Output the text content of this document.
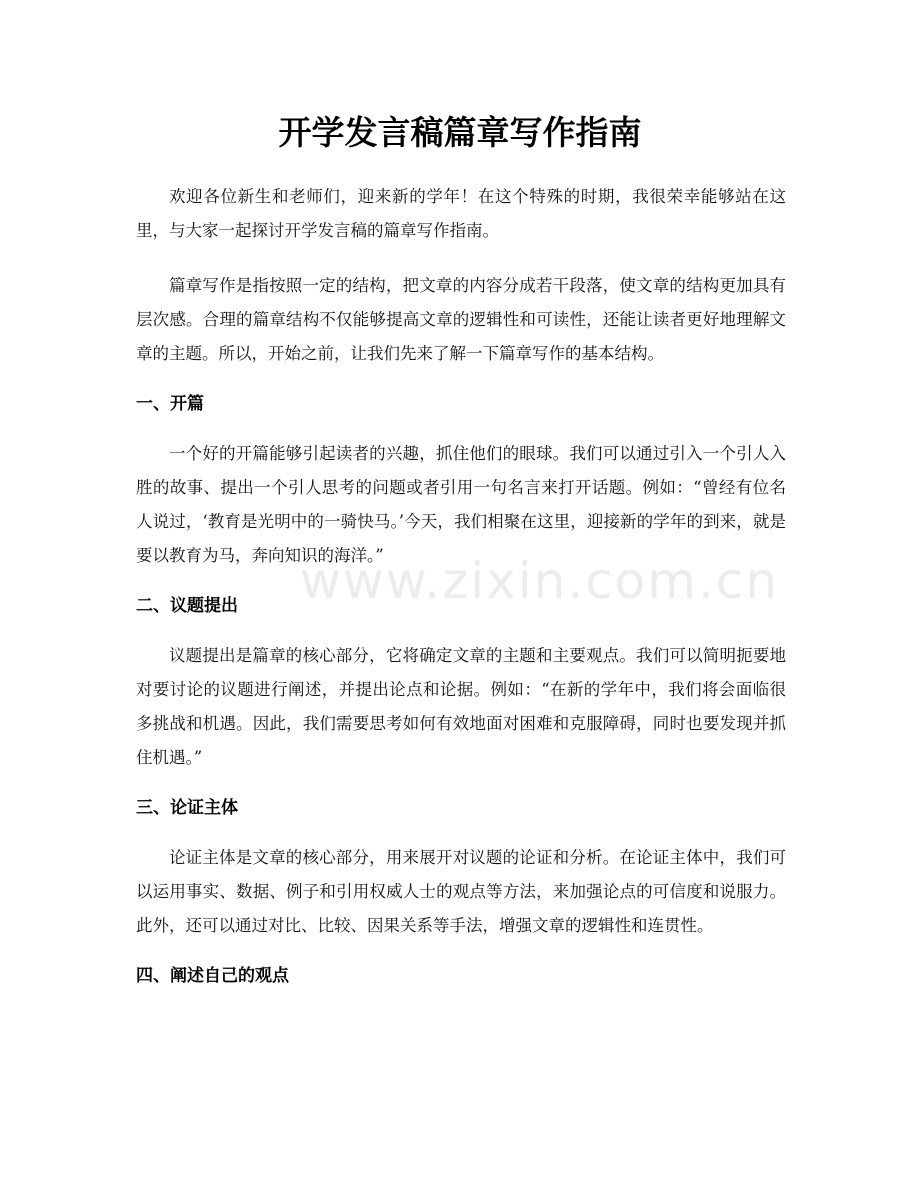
www.zixin.com.cn
开学发言稿篇章写作指南

欢迎各位新生和老师们，迎来新的学年！在这个特殊的时期，我很荣幸能够站在这里，与大家一起探讨开学发言稿的篇章写作指南。

篇章写作是指按照一定的结构，把文章的内容分成若干段落，使文章的结构更加具有层次感。合理的篇章结构不仅能够提高文章的逻辑性和可读性，还能让读者更好地理解文章的主题。所以，开始之前，让我们先来了解一下篇章写作的基本结构。

一、开篇

一个好的开篇能够引起读者的兴趣，抓住他们的眼球。我们可以通过引入一个引人入胜的故事、提出一个引人思考的问题或者引用一句名言来打开话题。例如：“曾经有位名人说过，‘教育是光明中的一骑快马。’今天，我们相聚在这里，迎接新的学年的到来，就是要以教育为马，奔向知识的海洋。”

二、议题提出

议题提出是篇章的核心部分，它将确定文章的主题和主要观点。我们可以简明扼要地对要讨论的议题进行阐述，并提出论点和论据。例如：“在新的学年中，我们将会面临很多挑战和机遇。因此，我们需要思考如何有效地面对困难和克服障碍，同时也要发现并抓住机遇。”

三、论证主体

论证主体是文章的核心部分，用来展开对议题的论证和分析。在论证主体中，我们可以运用事实、数据、例子和引用权威人士的观点等方法，来加强论点的可信度和说服力。此外，还可以通过对比、比较、因果关系等手法，增强文章的逻辑性和连贯性。

四、阐述自己的观点
